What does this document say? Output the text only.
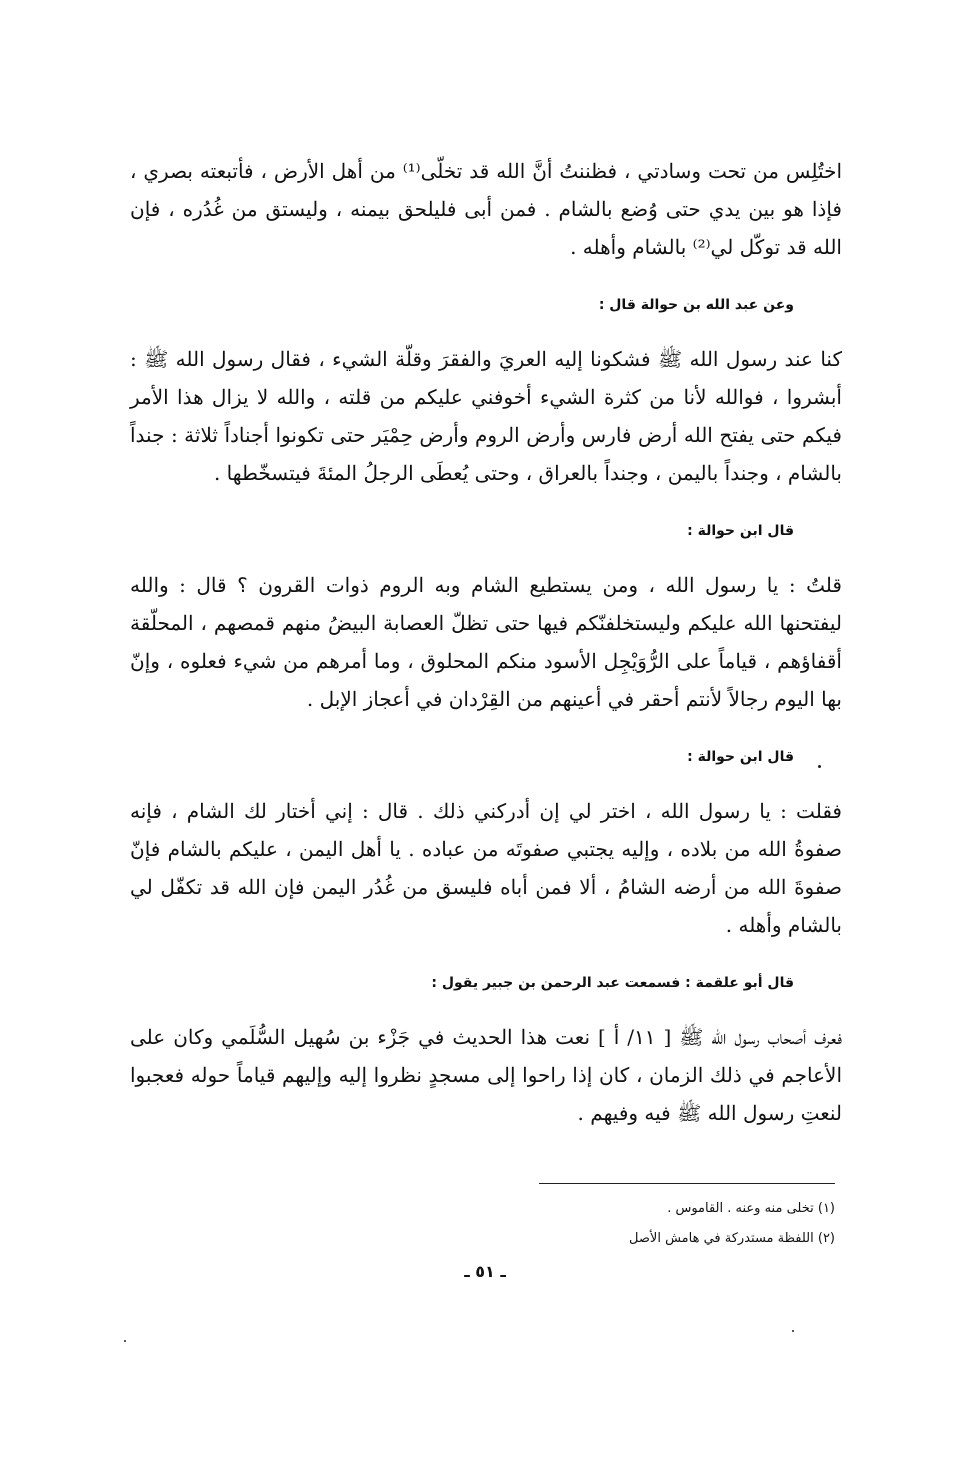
اختُلِس من تحت وسادتي ، فظننتُ أنَّ الله قد تخلّى⁽¹⁾ من أهل الأرض ، فأتبعته بصري ، فإذا هو بين يدي حتى وُضع بالشام . فمن أبى فليلحق بيمنه ، وليستق من غُدُره ، فإن الله قد توكّل لي⁽²⁾ بالشام وأهله .

وعن عبد الله بن حوالة قال :

كنا عند رسول الله ﷺ فشكونا إليه العريَ والفقرَ وقلّة الشيء ، فقال رسول الله ﷺ : أبشروا ، فوالله لأنا من كثرة الشيء أخوفني عليكم من قلته ، والله لا يزال هذا الأمر فيكم حتى يفتح الله أرض فارس وأرض الروم وأرض حِمْيَر حتى تكونوا أجناداً ثلاثة : جنداً بالشام ، وجنداً باليمن ، وجنداً بالعراق ، وحتى يُعطَى الرجلُ المئةَ فيتسخّطها .

قال ابن حوالة :

قلتُ : يا رسول الله ، ومن يستطيع الشام وبه الروم ذوات القرون ؟ قال : والله ليفتحنها الله عليكم وليستخلفنّكم فيها حتى تظلّ العصابة البيضُ منهم قمصهم ، المحلّقة أقفاؤهم ، قياماً على الرُّوَيْجِل الأسود منكم المحلوق ، وما أمرهم من شيء فعلوه ، وإنّ بها اليوم رجالاً لأنتم أحقر في أعينهم من القِرْدان في أعجاز الإبل .

قال ابن حوالة :

فقلت : يا رسول الله ، اختر لي إن أدركني ذلك . قال : إني أختار لك الشام ، فإنه صفوةُ الله من بلاده ، وإليه يجتبي صفوتَه من عباده . يا أهل اليمن ، عليكم بالشام فإنّ صفوةَ الله من أرضه الشامُ ، ألا فمن أباه فليسق من غُدُر اليمن فإن الله قد تكفّل لي بالشام وأهله .

قال أبو علقمة : فسمعت عبد الرحمن بن جبير يقول :

فعرف أصحاب رسول الله ﷺ [ ١١/ أ ] نعت هذا الحديث في جَزْء بن سُهيل السُّلَمي وكان على الأعاجم في ذلك الزمان ، كان إذا راحوا إلى مسجدٍ نظروا إليه وإليهم قياماً حوله فعجبوا لنعتِ رسول الله ﷺ فيه وفيهم .

(١) تخلى منه وعنه . القاموس .

(٢) اللفظة مستدركة في هامش الأصل

ـ ٥١ ـ
